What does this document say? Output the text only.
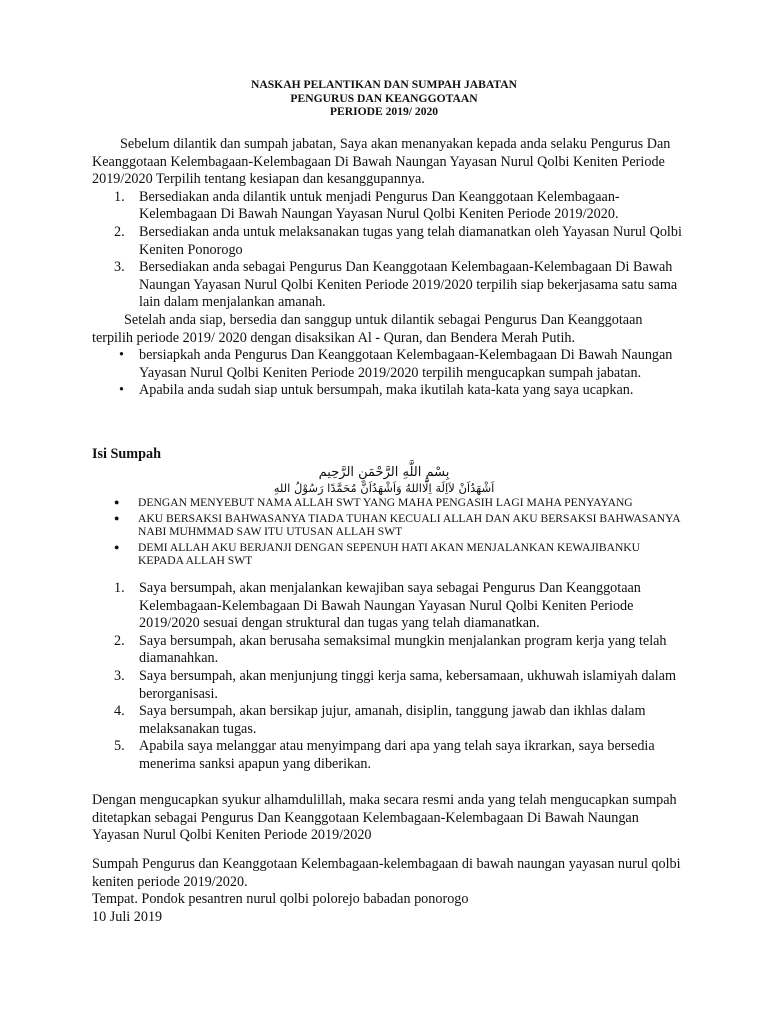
NASKAH PELANTIKAN DAN SUMPAH JABATAN
PENGURUS DAN KEANGGOTAAN
PERIODE 2019/ 2020

Sebelum dilantik dan sumpah jabatan, Saya akan menanyakan kepada anda selaku Pengurus Dan Keanggotaan Kelembagaan-Kelembagaan Di Bawah Naungan Yayasan Nurul Qolbi Keniten Periode 2019/2020 Terpilih tentang kesiapan dan kesanggupannya.

1. Bersediakan anda dilantik untuk menjadi Pengurus Dan Keanggotaan Kelembagaan-Kelembagaan Di Bawah Naungan Yayasan Nurul Qolbi Keniten Periode 2019/2020.
2. Bersediakan anda untuk melaksanakan tugas yang telah diamanatkan oleh Yayasan Nurul Qolbi Keniten Ponorogo
3. Bersediakan anda sebagai Pengurus Dan Keanggotaan Kelembagaan-Kelembagaan Di Bawah Naungan Yayasan Nurul Qolbi Keniten Periode 2019/2020 terpilih siap bekerjasama satu sama lain dalam menjalankan amanah.

Setelah anda siap, bersedia dan sanggup untuk dilantik sebagai Pengurus Dan Keanggotaan terpilih periode 2019/ 2020 dengan disaksikan Al - Quran, dan Bendera Merah Putih.

• bersiapkah anda Pengurus Dan Keanggotaan Kelembagaan-Kelembagaan Di Bawah Naungan Yayasan Nurul Qolbi Keniten Periode 2019/2020 terpilih mengucapkan sumpah jabatan.
• Apabila anda sudah siap untuk bersumpah, maka ikutilah kata-kata yang saya ucapkan.

Isi Sumpah

بِسْمِ اللَّهِ الرَّحْمَنِ الرَّحِيم
اَشْهَدُاَنْ لاَاِلَهَ اِلَّااللهُ وَاَشْهَدُاَنَّ مُحَمَّدًا رَسُوْلُ اللهِ
● DENGAN MENYEBUT NAMA ALLAH SWT YANG MAHA PENGASIH LAGI MAHA PENYAYANG
● AKU BERSAKSI BAHWASANYA TIADA TUHAN KECUALI ALLAH DAN AKU BERSAKSI BAHWASANYA NABI MUHMMAD SAW ITU UTUSAN ALLAH SWT
● DEMI ALLAH AKU BERJANJI DENGAN SEPENUH HATI AKAN MENJALANKAN KEWAJIBANKU KEPADA ALLAH SWT
1. Saya bersumpah, akan menjalankan kewajiban saya sebagai Pengurus Dan Keanggotaan Kelembagaan-Kelembagaan Di Bawah Naungan Yayasan Nurul Qolbi Keniten Periode 2019/2020 sesuai dengan struktural dan tugas yang telah diamanatkan.
2. Saya bersumpah, akan berusaha semaksimal mungkin menjalankan program kerja yang telah diamanahkan.
3. Saya bersumpah, akan menjunjung tinggi kerja sama, kebersamaan, ukhuwah islamiyah dalam berorganisasi.
4. Saya bersumpah, akan bersikap jujur, amanah, disiplin, tanggung jawab dan ikhlas dalam melaksanakan tugas.
5. Apabila saya melanggar atau menyimpang dari apa yang telah saya ikrarkan, saya bersedia menerima sanksi apapun yang diberikan.

Dengan mengucapkan syukur alhamdulillah, maka secara resmi anda yang telah mengucapkan sumpah ditetapkan sebagai Pengurus Dan Keanggotaan Kelembagaan-Kelembagaan Di Bawah Naungan Yayasan Nurul Qolbi Keniten Periode 2019/2020

Sumpah Pengurus dan Keanggotaan Kelembagaan-kelembagaan di bawah naungan yayasan nurul qolbi keniten periode 2019/2020.

Tempat. Pondok pesantren nurul qolbi polorejo babadan ponorogo

10 Juli 2019
